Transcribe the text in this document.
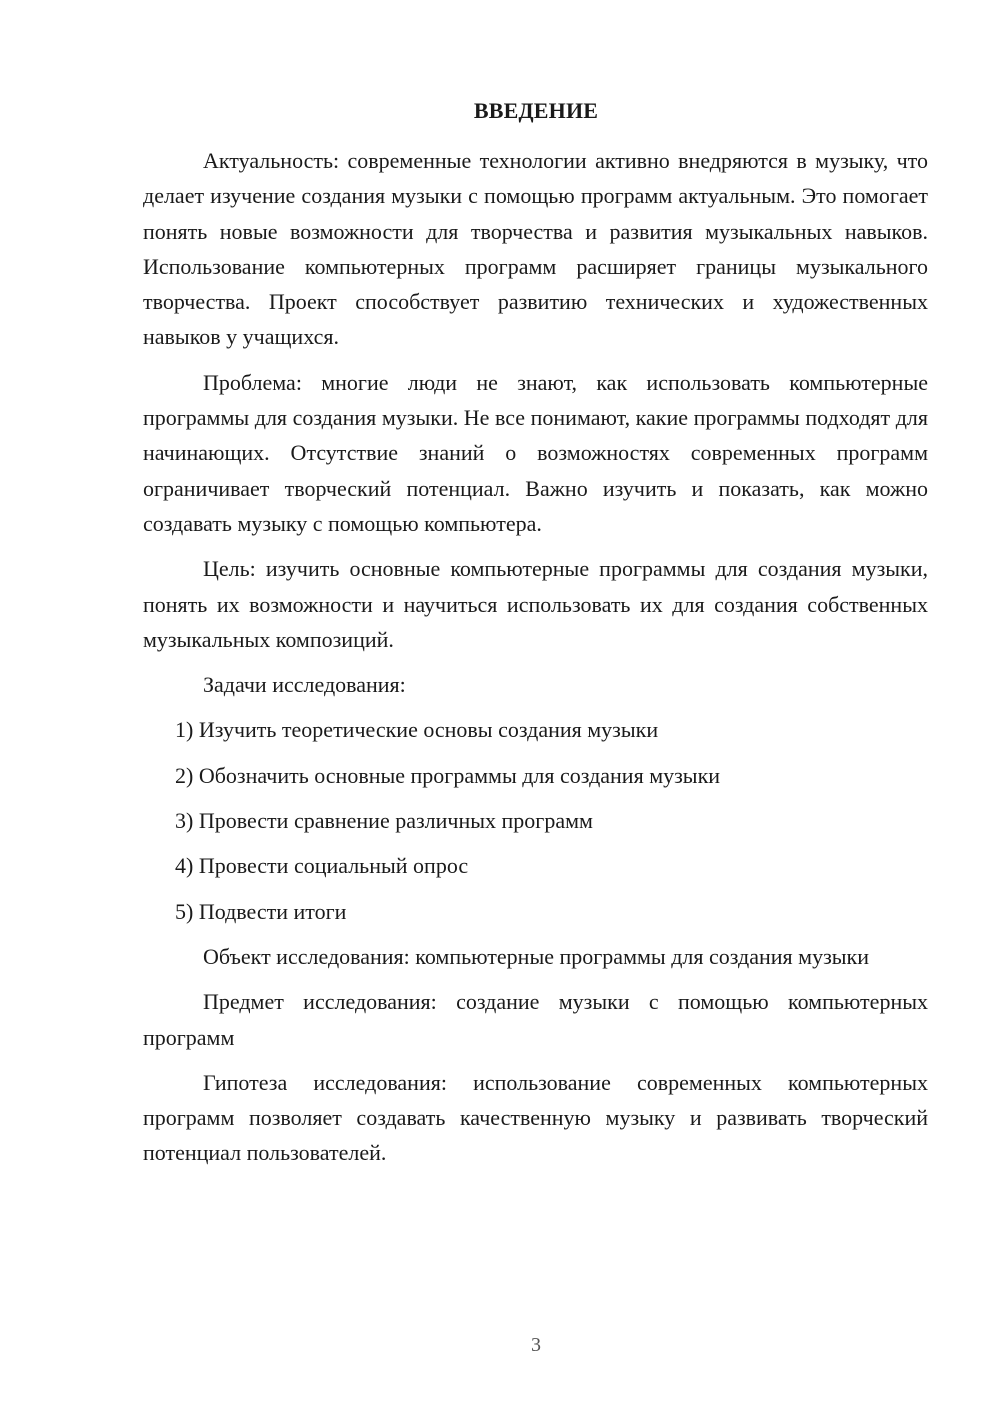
ВВЕДЕНИЕ

Актуальность: современные технологии активно внедряются в музыку, что делает изучение создания музыки с помощью программ актуальным. Это помогает понять новые возможности для творчества и развития музыкальных навыков. Использование компьютерных программ расширяет границы музыкального творчества. Проект способствует развитию технических и художественных навыков у учащихся.

Проблема: многие люди не знают, как использовать компьютерные программы для создания музыки. Не все понимают, какие программы подходят для начинающих. Отсутствие знаний о возможностях современных программ ограничивает творческий потенциал. Важно изучить и показать, как можно создавать музыку с помощью компьютера.

Цель: изучить основные компьютерные программы для создания музыки, понять их возможности и научиться использовать их для создания собственных музыкальных композиций.

Задачи исследования:

1) Изучить теоретические основы создания музыки
2) Обозначить основные программы для создания музыки
3) Провести сравнение различных программ
4) Провести социальный опрос
5) Подвести итоги

Объект исследования: компьютерные программы для создания музыки

Предмет исследования: создание музыки с помощью компьютерных программ

Гипотеза исследования: использование современных компьютерных программ позволяет создавать качественную музыку и развивать творческий потенциал пользователей.

3
